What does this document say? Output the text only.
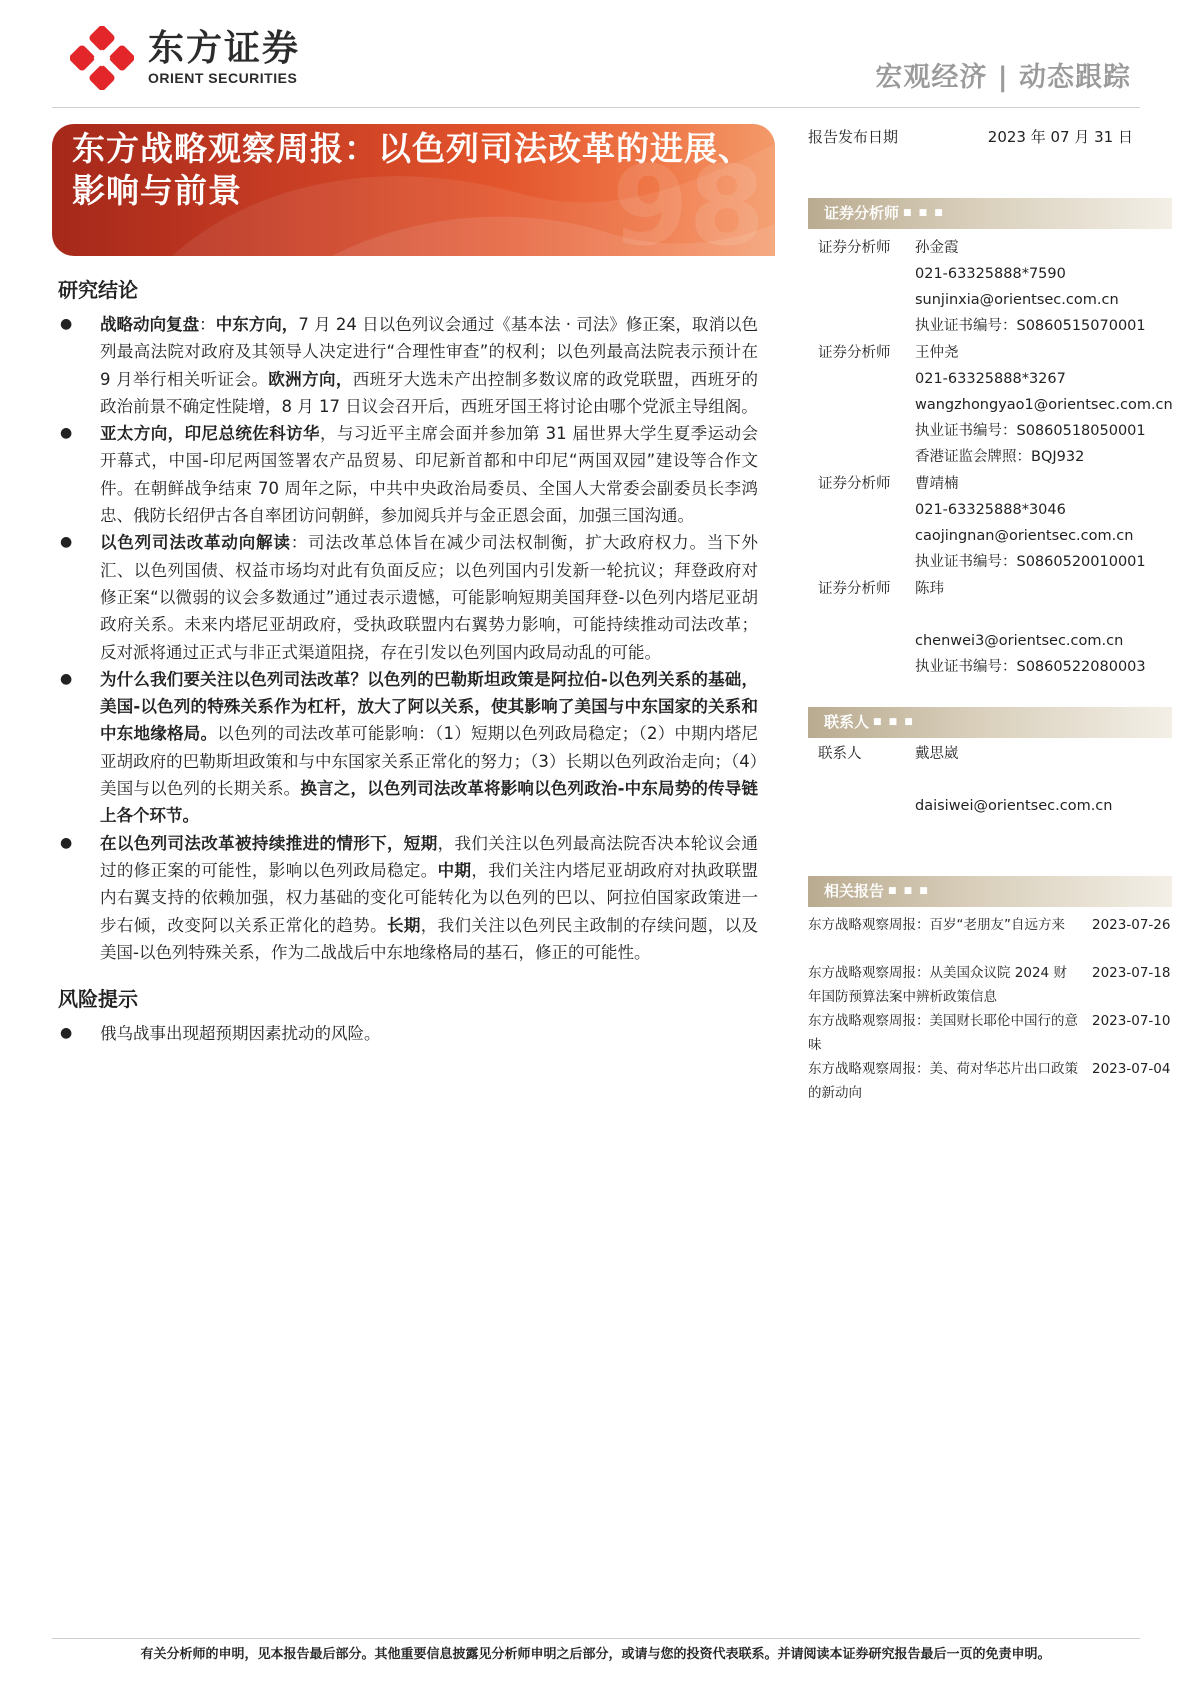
东方证券
ORIENT SECURITIES	宏观经济 | 动态跟踪
98
东方战略观察周报：以色列司法改革的进展、影响与前景
报告发布日期	2023 年 07 月 31 日
证券分析师 ■ ■ ■
证券分析师 孙金霞
021-63325888*7590
sunjinxia@orientsec.com.cn
执业证书编号：S0860515070001
证券分析师 王仲尧
021-63325888*3267
wangzhongyao1@orientsec.com.cn
执业证书编号：S0860518050001
香港证监会牌照：BQJ932
证券分析师 曹靖楠
021-63325888*3046
caojingnan@orientsec.com.cn
执业证书编号：S0860520010001
证券分析师 陈玮
chenwei3@orientsec.com.cn
执业证书编号：S0860522080003
联系人 ■ ■ ■
联系人	戴思崴
daisiwei@orientsec.com.cn
相关报告 ■ ■ ■
东方战略观察周报：百岁“老朋友”自远方来	2023-07-26
东方战略观察周报：从美国众议院 2024 财年国防预算法案中辨析政策信息
2023-07-18
东方战略观察周报：美国财长耶伦中国行的意味
2023-07-10
东方战略观察周报：美、荷对华芯片出口政策的新动向
2023-07-04
研究结论
● 战略动向复盘：中东方向，7 月 24 日以色列议会通过《基本法 · 司法》修正案，取消以色列最高法院对政府及其领导人决定进行“合理性审查”的权利；以色列最高法院表示预计在 9 月举行相关听证会。欧洲方向，西班牙大选未产出控制多数议席的政党联盟，西班牙的政治前景不确定性陡增，8 月 17 日议会召开后，西班牙国王将讨论由哪个党派主导组阁。
● 亚太方向，印尼总统佐科访华，与习近平主席会面并参加第 31 届世界大学生夏季运动会开幕式，中国-印尼两国签署农产品贸易、印尼新首都和中印尼“两国双园”建设等合作文件。在朝鲜战争结束 70 周年之际，中共中央政治局委员、全国人大常委会副委员长李鸿忠、俄防长绍伊古各自率团访问朝鲜，参加阅兵并与金正恩会面，加强三国沟通。
● 以色列司法改革动向解读：司法改革总体旨在减少司法权制衡，扩大政府权力。当下外汇、以色列国债、权益市场均对此有负面反应；以色列国内引发新一轮抗议；拜登政府对修正案“以微弱的议会多数通过”通过表示遗憾，可能影响短期美国拜登-以色列内塔尼亚胡政府关系。未来内塔尼亚胡政府，受执政联盟内右翼势力影响，可能持续推动司法改革；反对派将通过正式与非正式渠道阻挠，存在引发以色列国内政局动乱的可能。
● 为什么我们要关注以色列司法改革？以色列的巴勒斯坦政策是阿拉伯-以色列关系的基础，美国-以色列的特殊关系作为杠杆，放大了阿以关系，使其影响了美国与中东国家的关系和中东地缘格局。以色列的司法改革可能影响：（1）短期以色列政局稳定；（2）中期内塔尼亚胡政府的巴勒斯坦政策和与中东国家关系正常化的努力；（3）长期以色列政治走向；（4）美国与以色列的长期关系。换言之，以色列司法改革将影响以色列政治-中东局势的传导链上各个环节。
● 在以色列司法改革被持续推进的情形下，短期，我们关注以色列最高法院否决本轮议会通过的修正案的可能性，影响以色列政局稳定。中期，我们关注内塔尼亚胡政府对执政联盟内右翼支持的依赖加强，权力基础的变化可能转化为以色列的巴以、阿拉伯国家政策进一步右倾，改变阿以关系正常化的趋势。长期，我们关注以色列民主政制的存续问题，以及美国-以色列特殊关系，作为二战战后中东地缘格局的基石，修正的可能性。
风险提示
● 俄乌战事出现超预期因素扰动的风险。
有关分析师的申明，见本报告最后部分。其他重要信息披露见分析师申明之后部分，或请与您的投资代表联系。并请阅读本证券研究报告最后一页的免责申明。
